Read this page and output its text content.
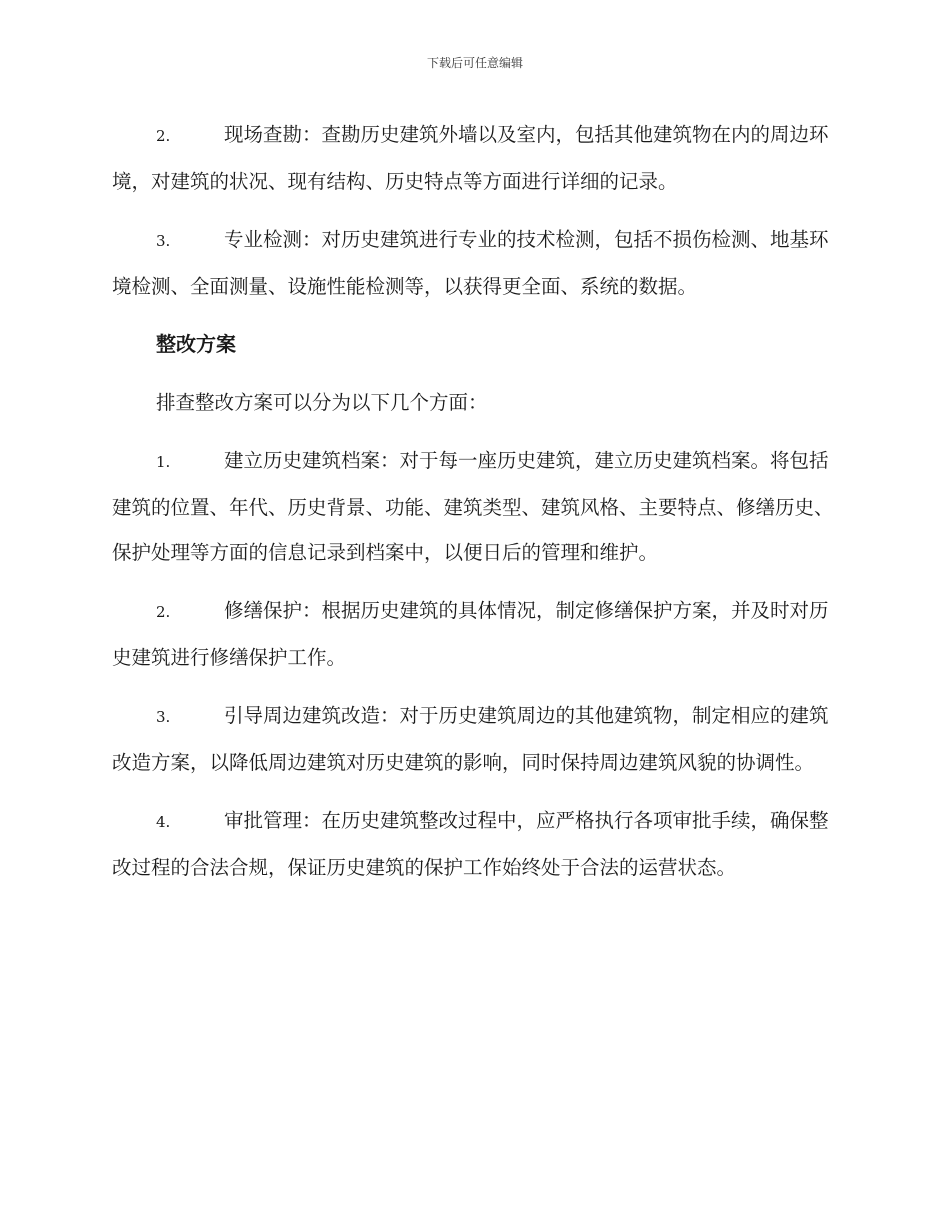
下载后可任意编辑
2.	现场查勘：查勘历史建筑外墙以及室内，包括其他建筑物在内的周边环境，对建筑的状况、现有结构、历史特点等方面进行详细的记录。
3.	专业检测：对历史建筑进行专业的技术检测，包括不损伤检测、地基环境检测、全面测量、设施性能检测等，以获得更全面、系统的数据。
整改方案
排查整改方案可以分为以下几个方面：
1.	建立历史建筑档案：对于每一座历史建筑，建立历史建筑档案。将包括建筑的位置、年代、历史背景、功能、建筑类型、建筑风格、主要特点、修缮历史、保护处理等方面的信息记录到档案中，以便日后的管理和维护。
2.	修缮保护：根据历史建筑的具体情况，制定修缮保护方案，并及时对历史建筑进行修缮保护工作。
3.	引导周边建筑改造：对于历史建筑周边的其他建筑物，制定相应的建筑改造方案，以降低周边建筑对历史建筑的影响，同时保持周边建筑风貌的协调性。
4.	审批管理：在历史建筑整改过程中，应严格执行各项审批手续，确保整改过程的合法合规，保证历史建筑的保护工作始终处于合法的运营状态。
